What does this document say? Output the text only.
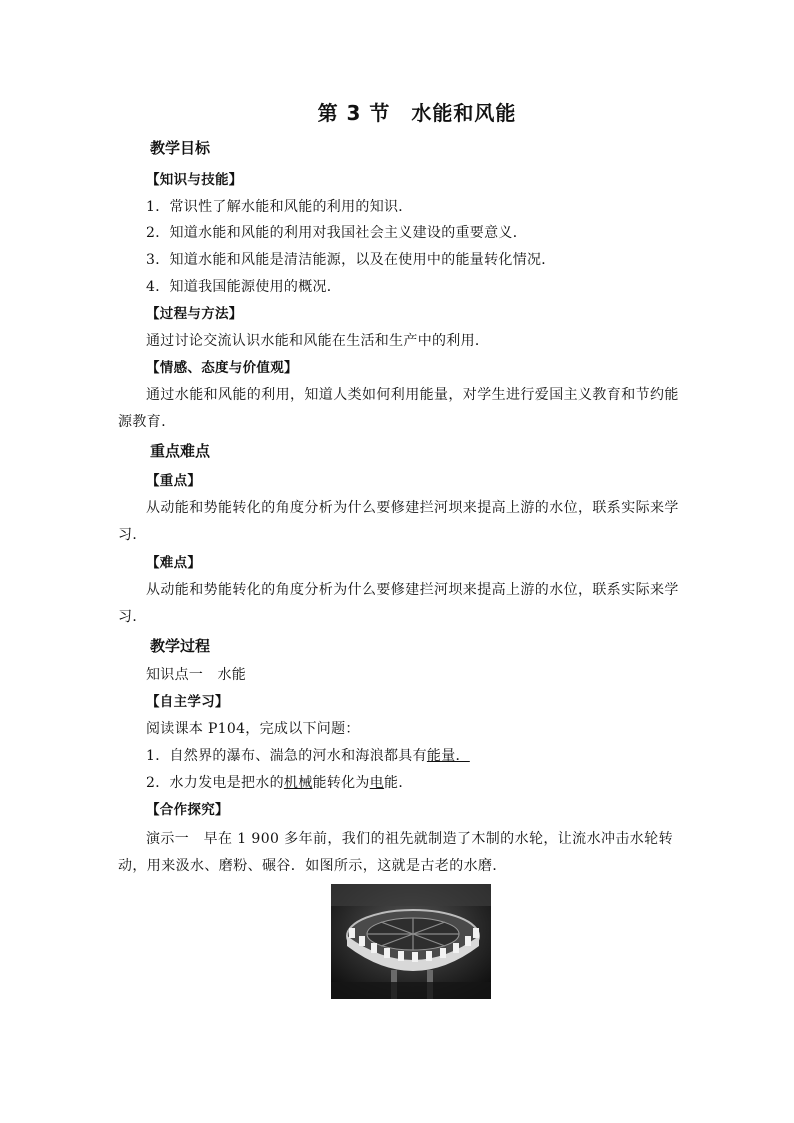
第 3 节　水能和风能
教学目标
【知识与技能】
1．常识性了解水能和风能的利用的知识．
2．知道水能和风能的利用对我国社会主义建设的重要意义．
3．知道水能和风能是清洁能源，以及在使用中的能量转化情况．
4．知道我国能源使用的概况．
【过程与方法】
通过讨论交流认识水能和风能在生活和生产中的利用．
【情感、态度与价值观】
通过水能和风能的利用，知道人类如何利用能量，对学生进行爱国主义教育和节约能源教育．
重点难点
【重点】
从动能和势能转化的角度分析为什么要修建拦河坝来提高上游的水位，联系实际来学习．
【难点】
从动能和势能转化的角度分析为什么要修建拦河坝来提高上游的水位，联系实际来学习．
教学过程
知识点一　水能
【自主学习】
阅读课本 P104，完成以下问题：
1．自然界的瀑布、湍急的河水和海浪都具有能量．
2．水力发电是把水的机械能转化为电能．
【合作探究】
演示一　早在 1 900 多年前，我们的祖先就制造了木制的水轮，让流水冲击水轮转动，用来汲水、磨粉、碾谷．如图所示，这就是古老的水磨．
